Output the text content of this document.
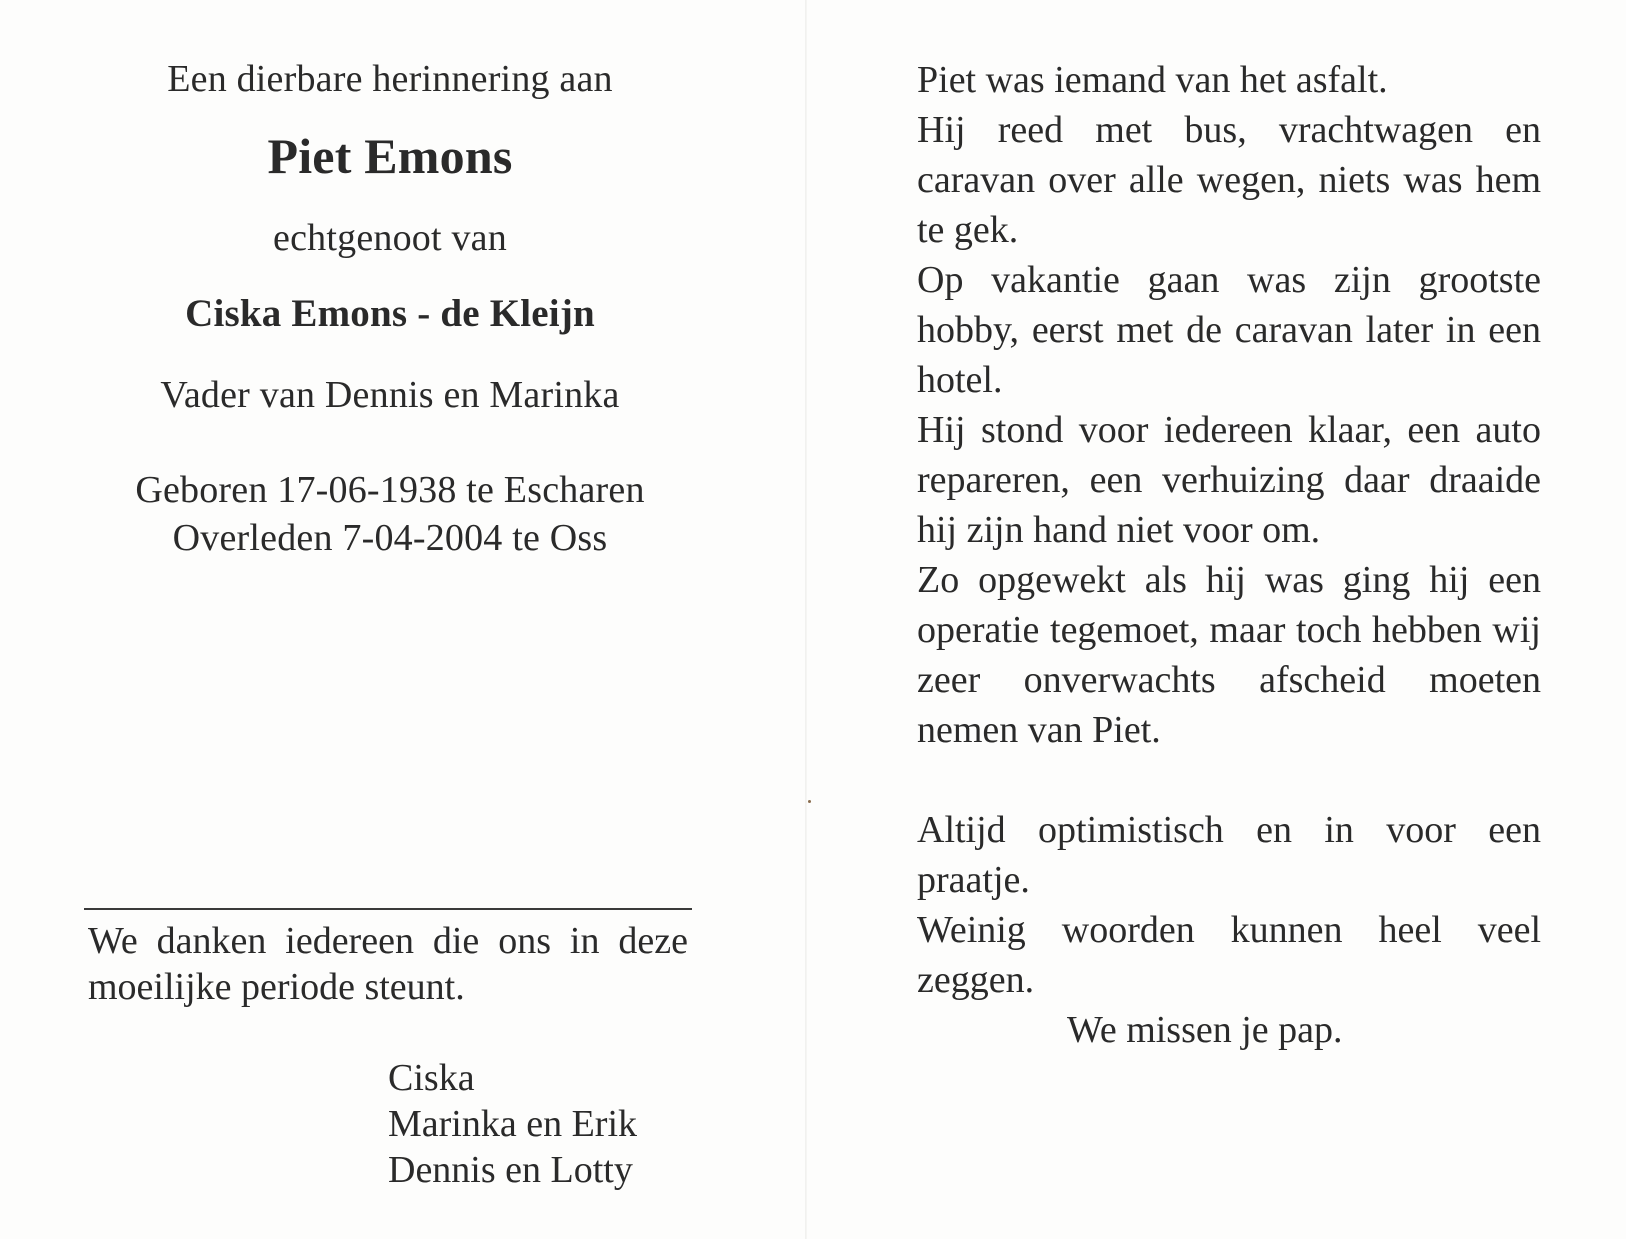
Een dierbare herinnering aan
Piet Emons
echtgenoot van
Ciska Emons - de Kleijn
Vader van Dennis en Marinka
Geboren 17-06-1938 te Escharen
Overleden 7-04-2004 te Oss
We danken iedereen die ons in deze moeilijke periode steunt.
Ciska
Marinka en Erik
Dennis en Lotty

Piet was iemand van het asfalt.

Hij reed met bus, vrachtwagen en caravan over alle wegen, niets was hem te gek.

Op vakantie gaan was zijn grootste hobby, eerst met de caravan later in een hotel.

Hij stond voor iedereen klaar, een auto repareren, een verhuizing daar draaide hij zijn hand niet voor om.

Zo opgewekt als hij was ging hij een operatie tegemoet, maar toch hebben wij zeer onverwachts afscheid moeten nemen van Piet.

Altijd optimistisch en in voor een praatje.

Weinig woorden kunnen heel veel zeggen.

We missen je pap.
